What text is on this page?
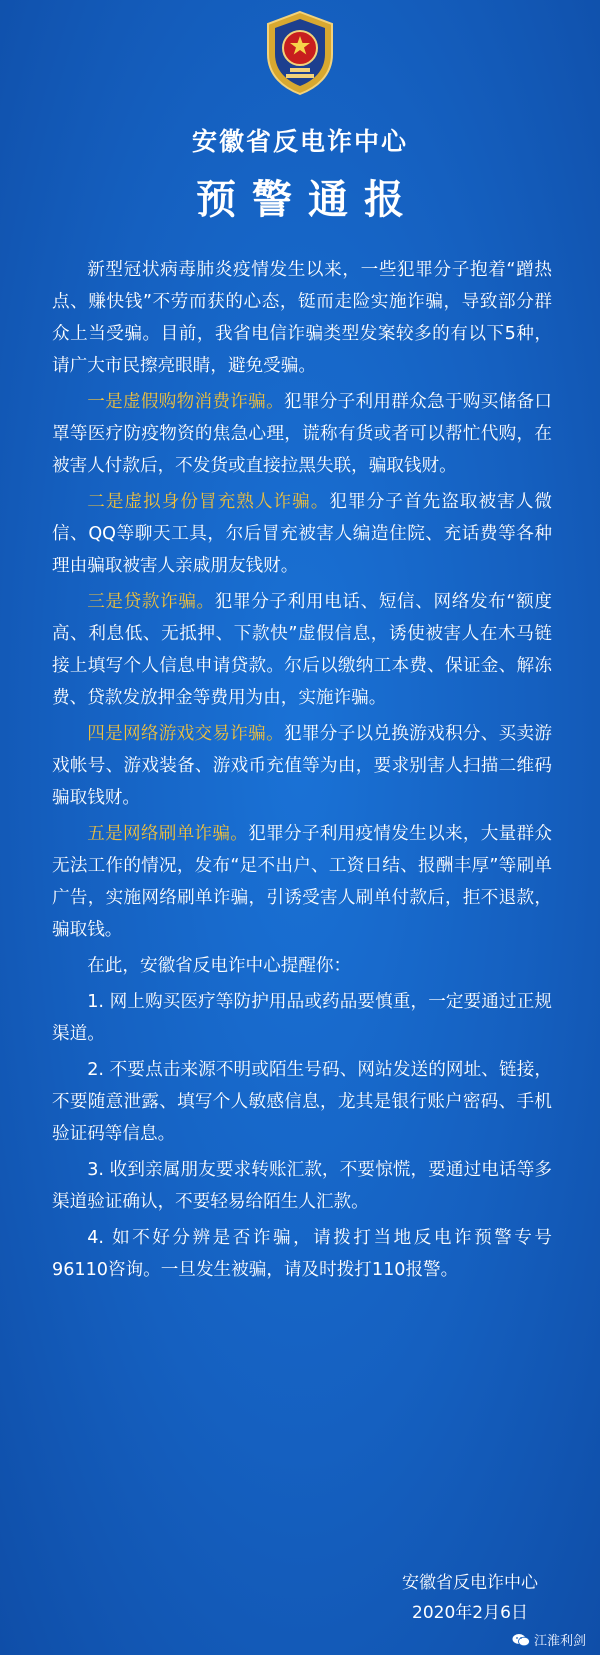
安徽省反电诈中心
预警通报

新型冠状病毒肺炎疫情发生以来，一些犯罪分子抱着“蹭热点、赚快钱”不劳而获的心态，铤而走险实施诈骗，导致部分群众上当受骗。目前，我省电信诈骗类型发案较多的有以下5种，请广大市民擦亮眼睛，避免受骗。

一是虚假购物消费诈骗。犯罪分子利用群众急于购买储备口罩等医疗防疫物资的焦急心理，谎称有货或者可以帮忙代购，在被害人付款后，不发货或直接拉黑失联，骗取钱财。

二是虚拟身份冒充熟人诈骗。犯罪分子首先盗取被害人微信、QQ等聊天工具，尔后冒充被害人编造住院、充话费等各种理由骗取被害人亲戚朋友钱财。

三是贷款诈骗。犯罪分子利用电话、短信、网络发布“额度高、利息低、无抵押、下款快”虚假信息，诱使被害人在木马链接上填写个人信息申请贷款。尔后以缴纳工本费、保证金、解冻费、贷款发放押金等费用为由，实施诈骗。

四是网络游戏交易诈骗。犯罪分子以兑换游戏积分、买卖游戏帐号、游戏装备、游戏币充值等为由，要求别害人扫描二维码骗取钱财。

五是网络刷单诈骗。犯罪分子利用疫情发生以来，大量群众无法工作的情况，发布“足不出户、工资日结、报酬丰厚”等刷单广告，实施网络刷单诈骗，引诱受害人刷单付款后，拒不退款，骗取钱。

在此，安徽省反电诈中心提醒你：

1. 网上购买医疗等防护用品或药品要慎重，一定要通过正规渠道。

2. 不要点击来源不明或陌生号码、网站发送的网址、链接，不要随意泄露、填写个人敏感信息，龙其是银行账户密码、手机验证码等信息。

3. 收到亲属朋友要求转账汇款，不要惊慌，要通过电话等多渠道验证确认，不要轻易给陌生人汇款。

4. 如不好分辨是否诈骗，请拨打当地反电诈预警专号96110咨询。一旦发生被骗，请及时拨打110报警。

安徽省反电诈中心
2020年2月6日
江淮利剑
